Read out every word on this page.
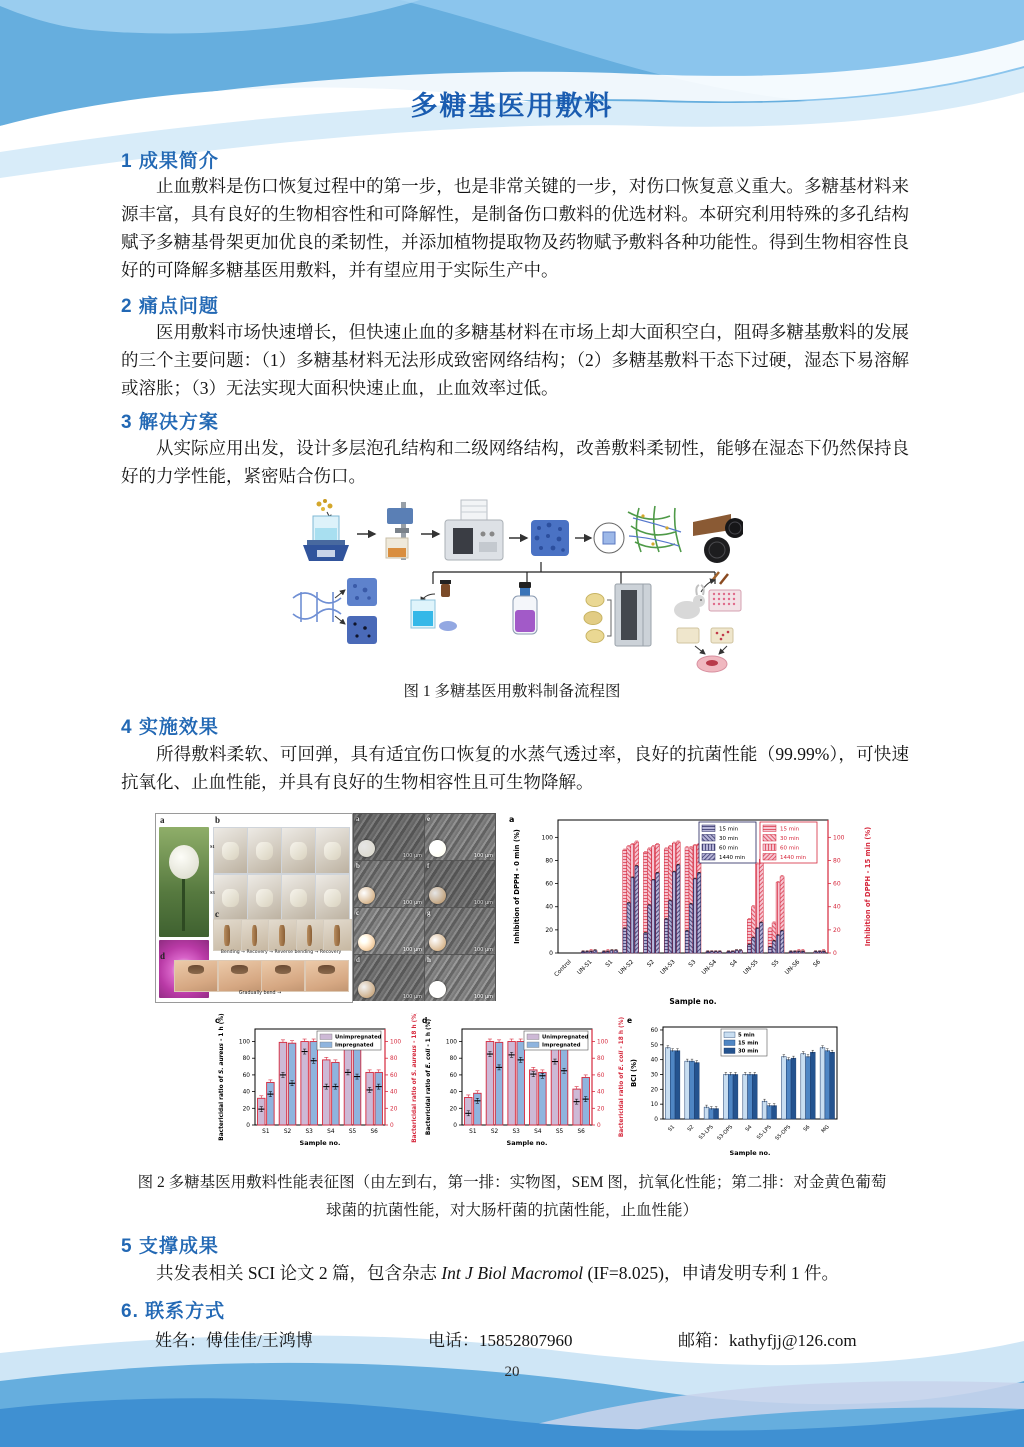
多糖基医用敷料
1 成果简介
止血敷料是伤口恢复过程中的第一步，也是非常关键的一步，对伤口恢复意义重大。多糖基材料来源丰富，具有良好的生物相容性和可降解性，是制备伤口敷料的优选材料。本研究利用特殊的多孔结构赋予多糖基骨架更加优良的柔韧性，并添加植物提取物及药物赋予敷料各种功能性。得到生物相容性良好的可降解多糖基医用敷料，并有望应用于实际生产中。
2 痛点问题
医用敷料市场快速增长，但快速止血的多糖基材料在市场上却大面积空白，阻碍多糖基敷料的发展的三个主要问题：（1）多糖基材料无法形成致密网络结构；（2）多糖基敷料干态下过硬，湿态下易溶解或溶胀；（3）无法实现大面积快速止血，止血效率过低。
3 解决方案
从实际应用出发，设计多层泡孔结构和二级网络结构，改善敷料柔韧性，能够在湿态下仍然保持良好的力学性能，紧密贴合伤口。
图 1 多糖基医用敷料制备流程图
4 实施效果
所得敷料柔软、可回弹，具有适宜伤口恢复的水蒸气透过率，良好的抗菌性能（99.99%），可快速抗氧化、止血性能，并具有良好的生物相容性且可生物降解。
a	b
c
d
S1
S3
Bending → Recovery → Reverse bending → Recovery
Gradually bend →
a
100 μm
b
100 μm
c
100 μm
d
100 μm
e
100 μm
f
100 μm
g
100 μm
h
100 μm
a
0	0
20	20
40	40
60	60
80	80
100	100
Control UN-S1 S1 UN-S2 S2 UN-S3 S3 UN-S4 S4 UN-S5 S5 UN-S6 S6
15 min
30 min
60 min
1440 min
15 min
30 min
60 min
1440 min
Inhibition of DPPH - 0 min (%)	Inhibition of DPPH - 15 min (%)
Sample no.
c
0	0
20	20
40	40
60	60
80	80
100	100
S1 S2 S3 S4 S5 S6
Unimpregnated
Impregnated
Bactericidal ratio of S. aureus - 1 h (%)
Bactericidal ratio of S. aureus - 18 h (%)
Sample no.
d
0	0
20	20
40	40
60	60
80	80
100	100
S1 S2 S3 S4 S5 S6
Unimpregnated
Impregnated
Bactericidal ratio of E. coli - 1 h (%)
Bactericidal ratio of E. coli - 18 h (%)
Sample no.
e
0
10
20
30
40
50
60
S1 S2 S3-LPS S3-OPS S4 S5-LPS S5-OPS S6 MG
5 min
15 min
30 min
BCI (%)
Sample no.
图 2 多糖基医用敷料性能表征图（由左到右，第一排：实物图，SEM 图，抗氧化性能；第二排：对金黄色葡萄
球菌的抗菌性能，对大肠杆菌的抗菌性能，止血性能）
5 支撑成果
共发表相关 SCI 论文 2 篇，包含杂志 Int J Biol Macromol (IF=8.025)，申请发明专利 1 件。
6. 联系方式
姓名：傅佳佳/王鸿博	电话：15852807960	邮箱：kathyfjj@126.com
20
